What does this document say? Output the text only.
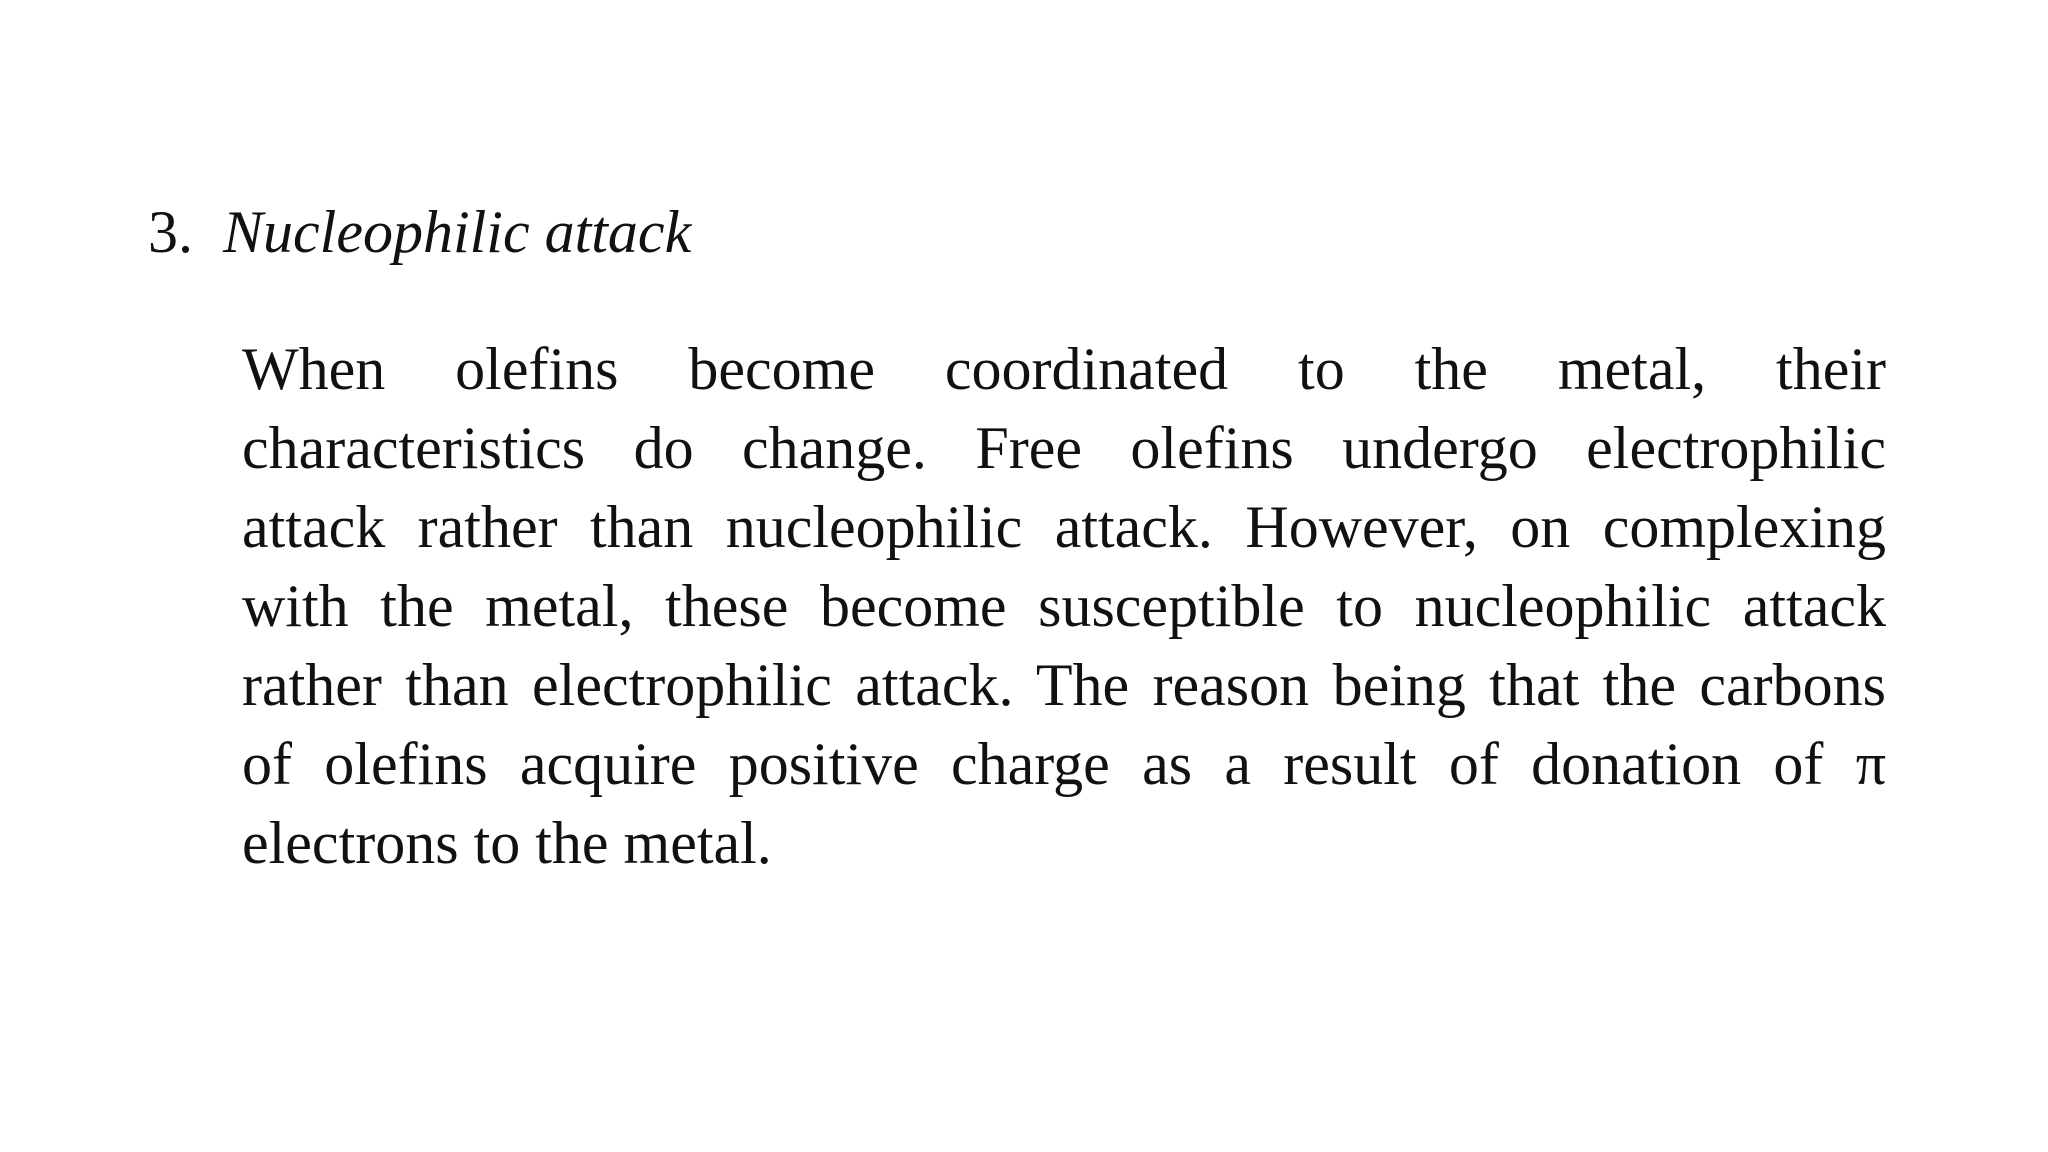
3. Nucleophilic attack
When olefins become coordinated to the metal, their
characteristics do change. Free olefins undergo electrophilic
attack rather than nucleophilic attack. However, on complexing
with the metal, these become susceptible to nucleophilic attack
rather than electrophilic attack. The reason being that the carbons
of olefins acquire positive charge as a result of donation of π
electrons to the metal.
